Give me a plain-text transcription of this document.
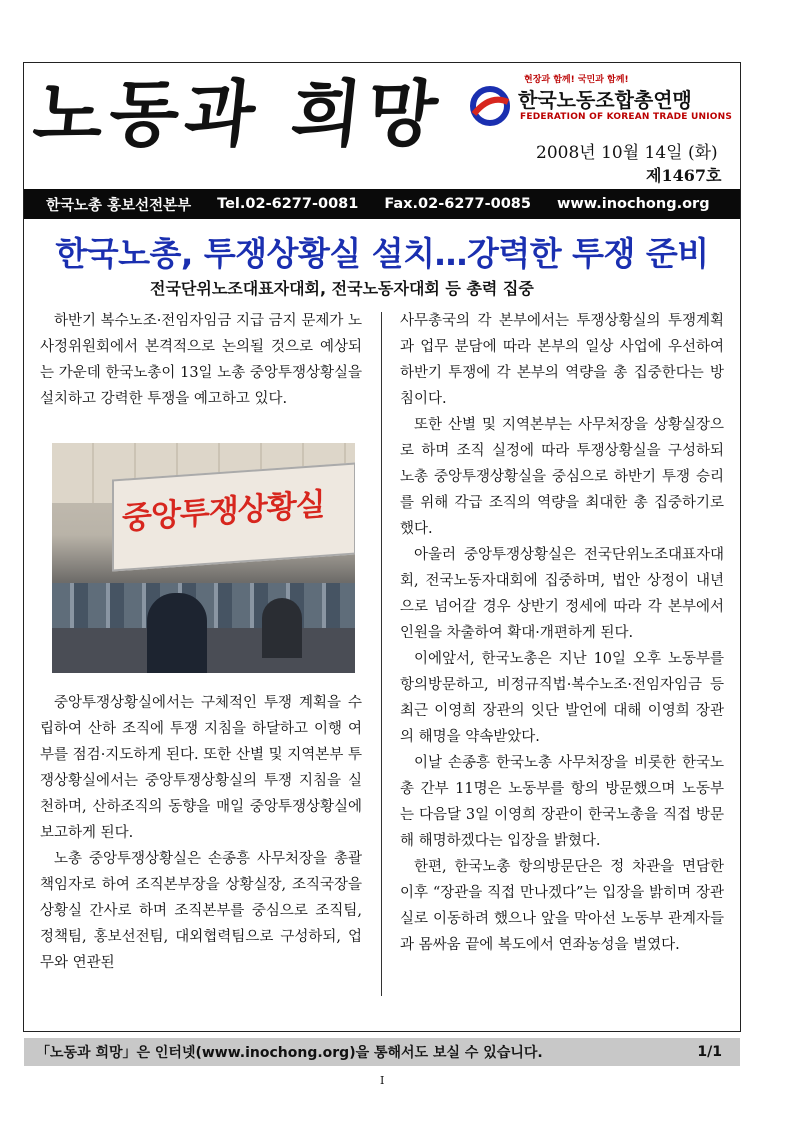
노동과 희망	현장과 함께! 국민과 함께!
한국노동조합총연맹
FEDERATION OF KOREAN TRADE UNIONS
2008년 10월 14일 (화)
제1467호
한국노총 홍보선전본부 Tel.02-6277-0081 Fax.02-6277-0085 www.inochong.org
한국노총, 투쟁상황실 설치…강력한 투쟁 준비
전국단위노조대표자대회, 전국노동자대회 등 총력 집중

하반기 복수노조·전임자임금 지급 금지 문제가 노사정위원회에서 본격적으로 논의될 것으로 예상되는 가운데 한국노총이 13일 노총 중앙투쟁상황실을 설치하고 강력한 투쟁을 예고하고 있다.

중앙투쟁상황실

중앙투쟁상황실에서는 구체적인 투쟁 계획을 수립하여 산하 조직에 투쟁 지침을 하달하고 이행 여부를 점검·지도하게 된다. 또한 산별 및 지역본부 투쟁상황실에서는 중앙투쟁상황실의 투쟁 지침을 실천하며, 산하조직의 동향을 매일 중앙투쟁상황실에 보고하게 된다.

노총 중앙투쟁상황실은 손종흥 사무처장을 총괄책임자로 하여 조직본부장을 상황실장, 조직국장을 상황실 간사로 하며 조직본부를 중심으로 조직팀, 정책팀, 홍보선전팀, 대외협력팀으로 구성하되, 업무와 연관된

사무총국의 각 본부에서는 투쟁상황실의 투쟁계획과 업무 분담에 따라 본부의 일상 사업에 우선하여 하반기 투쟁에 각 본부의 역량을 총 집중한다는 방침이다.

또한 산별 및 지역본부는 사무처장을 상황실장으로 하며 조직 실정에 따라 투쟁상황실을 구성하되 노총 중앙투쟁상황실을 중심으로 하반기 투쟁 승리를 위해 각급 조직의 역량을 최대한 총 집중하기로 했다.

아울러 중앙투쟁상황실은 전국단위노조대표자대회, 전국노동자대회에 집중하며, 법안 상정이 내년으로 넘어갈 경우 상반기 정세에 따라 각 본부에서 인원을 차출하여 확대·개편하게 된다.

이에앞서, 한국노총은 지난 10일 오후 노동부를 항의방문하고, 비정규직법·복수노조·전임자임금 등 최근 이영희 장관의 잇단 발언에 대해 이영희 장관의 해명을 약속받았다.

이날 손종흥 한국노총 사무처장을 비롯한 한국노총 간부 11명은 노동부를 항의 방문했으며 노동부는 다음달 3일 이영희 장관이 한국노총을 직접 방문해 해명하겠다는 입장을 밝혔다.

한편, 한국노총 항의방문단은 정 차관을 면담한 이후 “장관을 직접 만나겠다”는 입장을 밝히며 장관실로 이동하려 했으나 앞을 막아선 노동부 관계자들과 몸싸움 끝에 복도에서 연좌농성을 벌였다.

「노동과 희망」은 인터넷(www.inochong.org)을 통해서도 보실 수 있습니다.	1/1
I
